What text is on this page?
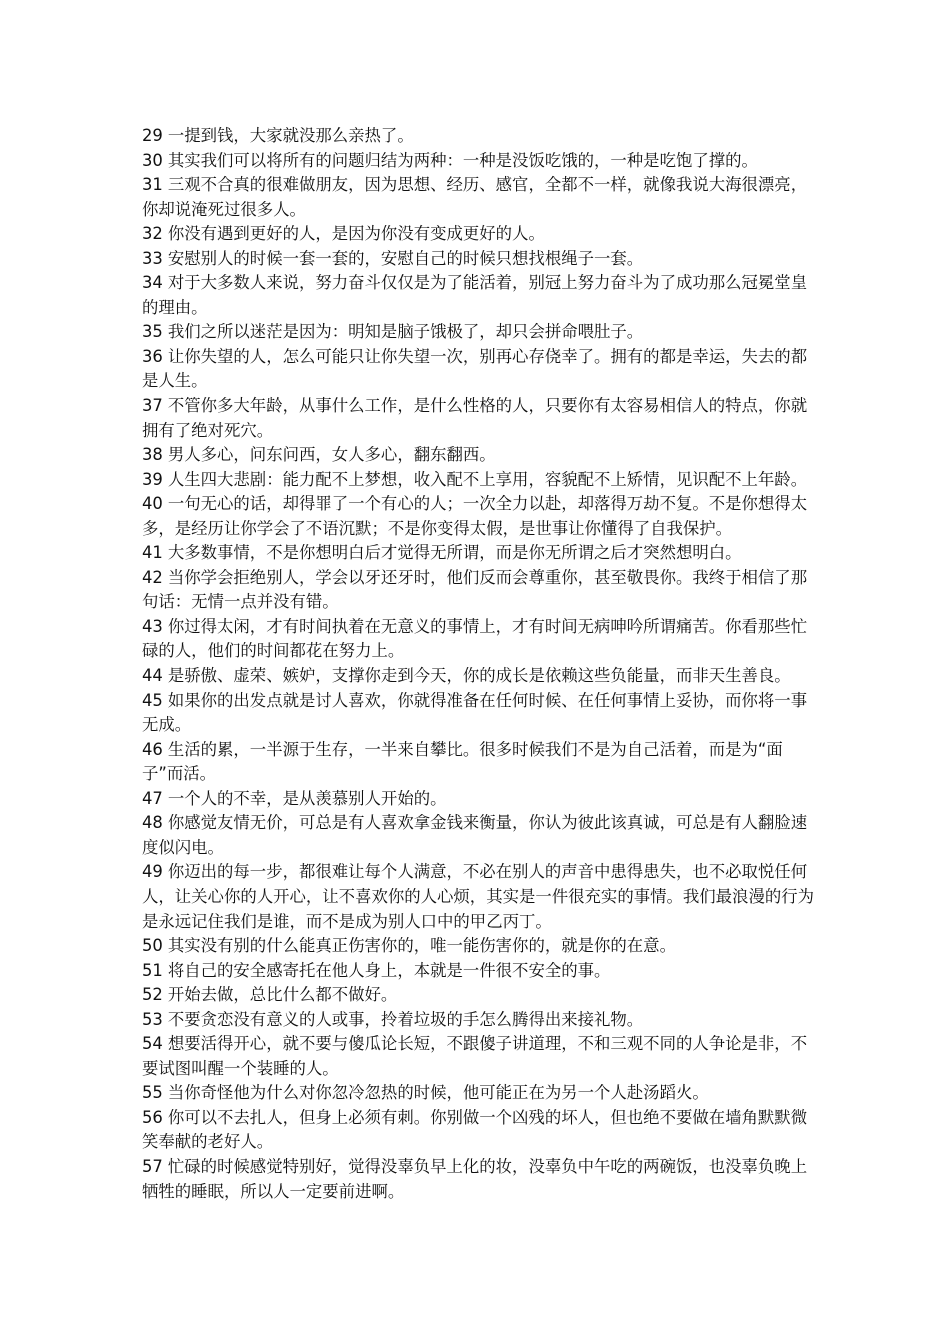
29 一提到钱，大家就没那么亲热了。

30 其实我们可以将所有的问题归结为两种：一种是没饭吃饿的，一种是吃饱了撑的。

31 三观不合真的很难做朋友，因为思想、经历、感官，全都不一样，就像我说大海很漂亮，你却说淹死过很多人。

32 你没有遇到更好的人，是因为你没有变成更好的人。

33 安慰别人的时候一套一套的，安慰自己的时候只想找根绳子一套。

34 对于大多数人来说，努力奋斗仅仅是为了能活着，别冠上努力奋斗为了成功那么冠冕堂皇的理由。

35 我们之所以迷茫是因为：明知是脑子饿极了，却只会拼命喂肚子。

36 让你失望的人，怎么可能只让你失望一次，别再心存侥幸了。拥有的都是幸运，失去的都是人生。

37 不管你多大年龄，从事什么工作，是什么性格的人，只要你有太容易相信人的特点，你就拥有了绝对死穴。

38 男人多心，问东问西，女人多心，翻东翻西。

39 人生四大悲剧：能力配不上梦想，收入配不上享用，容貌配不上矫情，见识配不上年龄。

40 一句无心的话，却得罪了一个有心的人；一次全力以赴，却落得万劫不复。不是你想得太多，是经历让你学会了不语沉默；不是你变得太假，是世事让你懂得了自我保护。

41 大多数事情，不是你想明白后才觉得无所谓，而是你无所谓之后才突然想明白。

42 当你学会拒绝别人，学会以牙还牙时，他们反而会尊重你，甚至敬畏你。我终于相信了那句话：无情一点并没有错。

43 你过得太闲，才有时间执着在无意义的事情上，才有时间无病呻吟所谓痛苦。你看那些忙碌的人，他们的时间都花在努力上。

44 是骄傲、虚荣、嫉妒，支撑你走到今天，你的成长是依赖这些负能量，而非天生善良。

45 如果你的出发点就是讨人喜欢，你就得准备在任何时候、在任何事情上妥协，而你将一事无成。

46 生活的累，一半源于生存，一半来自攀比。很多时候我们不是为自己活着，而是为“面子”而活。

47 一个人的不幸，是从羡慕别人开始的。

48 你感觉友情无价，可总是有人喜欢拿金钱来衡量，你认为彼此该真诚，可总是有人翻脸速度似闪电。

49 你迈出的每一步，都很难让每个人满意，不必在别人的声音中患得患失，也不必取悦任何人，让关心你的人开心，让不喜欢你的人心烦，其实是一件很充实的事情。我们最浪漫的行为是永远记住我们是谁，而不是成为别人口中的甲乙丙丁。

50 其实没有别的什么能真正伤害你的，唯一能伤害你的，就是你的在意。

51 将自己的安全感寄托在他人身上，本就是一件很不安全的事。

52 开始去做，总比什么都不做好。

53 不要贪恋没有意义的人或事，拎着垃圾的手怎么腾得出来接礼物。

54 想要活得开心，就不要与傻瓜论长短，不跟傻子讲道理，不和三观不同的人争论是非，不要试图叫醒一个装睡的人。

55 当你奇怪他为什么对你忽冷忽热的时候，他可能正在为另一个人赴汤蹈火。

56 你可以不去扎人，但身上必须有刺。你别做一个凶残的坏人，但也绝不要做在墙角默默微笑奉献的老好人。

57 忙碌的时候感觉特别好，觉得没辜负早上化的妆，没辜负中午吃的两碗饭，也没辜负晚上牺牲的睡眠，所以人一定要前进啊。
